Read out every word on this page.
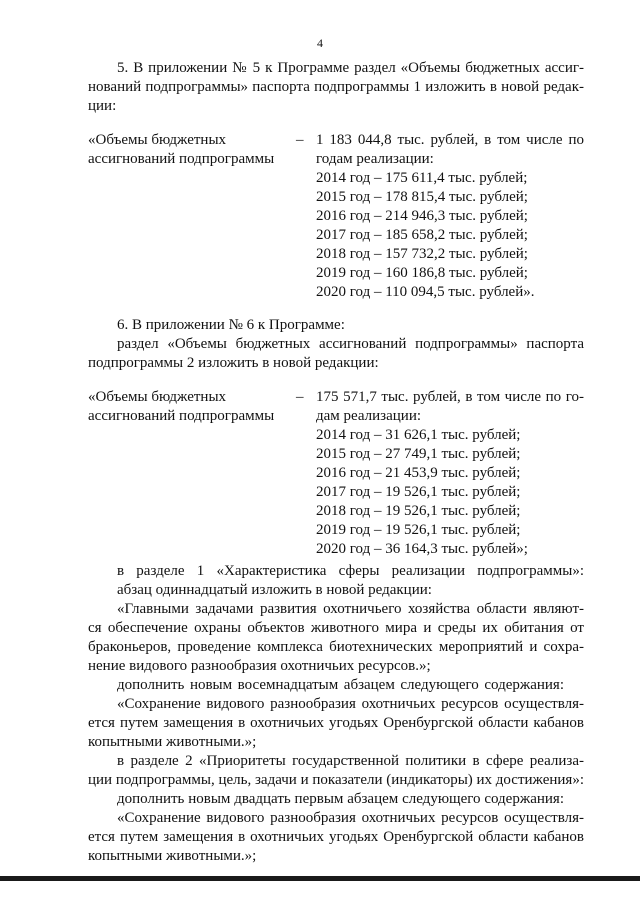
4
5. В приложении № 5 к Программе раздел «Объемы бюджетных ассиг-
нований подпрограммы» паспорта подпрограммы 1 изложить в новой редак-
ции:
«Объемы бюджетных
ассигнований подпрограммы
– 1 183 044,8 тыс. рублей, в том числе по
годам реализации:
2014 год – 175 611,4 тыс. рублей;
2015 год – 178 815,4 тыс. рублей;
2016 год – 214 946,3 тыс. рублей;
2017 год – 185 658,2 тыс. рублей;
2018 год – 157 732,2 тыс. рублей;
2019 год – 160 186,8 тыс. рублей;
2020 год – 110 094,5 тыс. рублей».
6. В приложении № 6 к Программе:
раздел «Объемы бюджетных ассигнований подпрограммы» паспорта
подпрограммы 2 изложить в новой редакции:
«Объемы бюджетных
ассигнований подпрограммы
– 175 571,7 тыс. рублей, в том числе по го-
дам реализации:
2014 год – 31 626,1 тыс. рублей;
2015 год – 27 749,1 тыс. рублей;
2016 год – 21 453,9 тыс. рублей;
2017 год – 19 526,1 тыс. рублей;
2018 год – 19 526,1 тыс. рублей;
2019 год – 19 526,1 тыс. рублей;
2020 год – 36 164,3 тыс. рублей»;
в разделе 1 «Характеристика сферы реализации подпрограммы»:
абзац одиннадцатый изложить в новой редакции:
«Главными задачами развития охотничьего хозяйства области являют-
ся обеспечение охраны объектов животного мира и среды их обитания от
браконьеров, проведение комплекса биотехнических мероприятий и сохра-
нение видового разнообразия охотничьих ресурсов.»;
дополнить новым восемнадцатым абзацем следующего содержания:
«Сохранение видового разнообразия охотничьих ресурсов осуществля-
ется путем замещения в охотничьих угодьях Оренбургской области кабанов
копытными животными.»;
в разделе 2 «Приоритеты государственной политики в сфере реализа-
ции подпрограммы, цель, задачи и показатели (индикаторы) их достижения»:
дополнить новым двадцать первым абзацем следующего содержания:
«Сохранение видового разнообразия охотничьих ресурсов осуществля-
ется путем замещения в охотничьих угодьях Оренбургской области кабанов
копытными животными.»;
